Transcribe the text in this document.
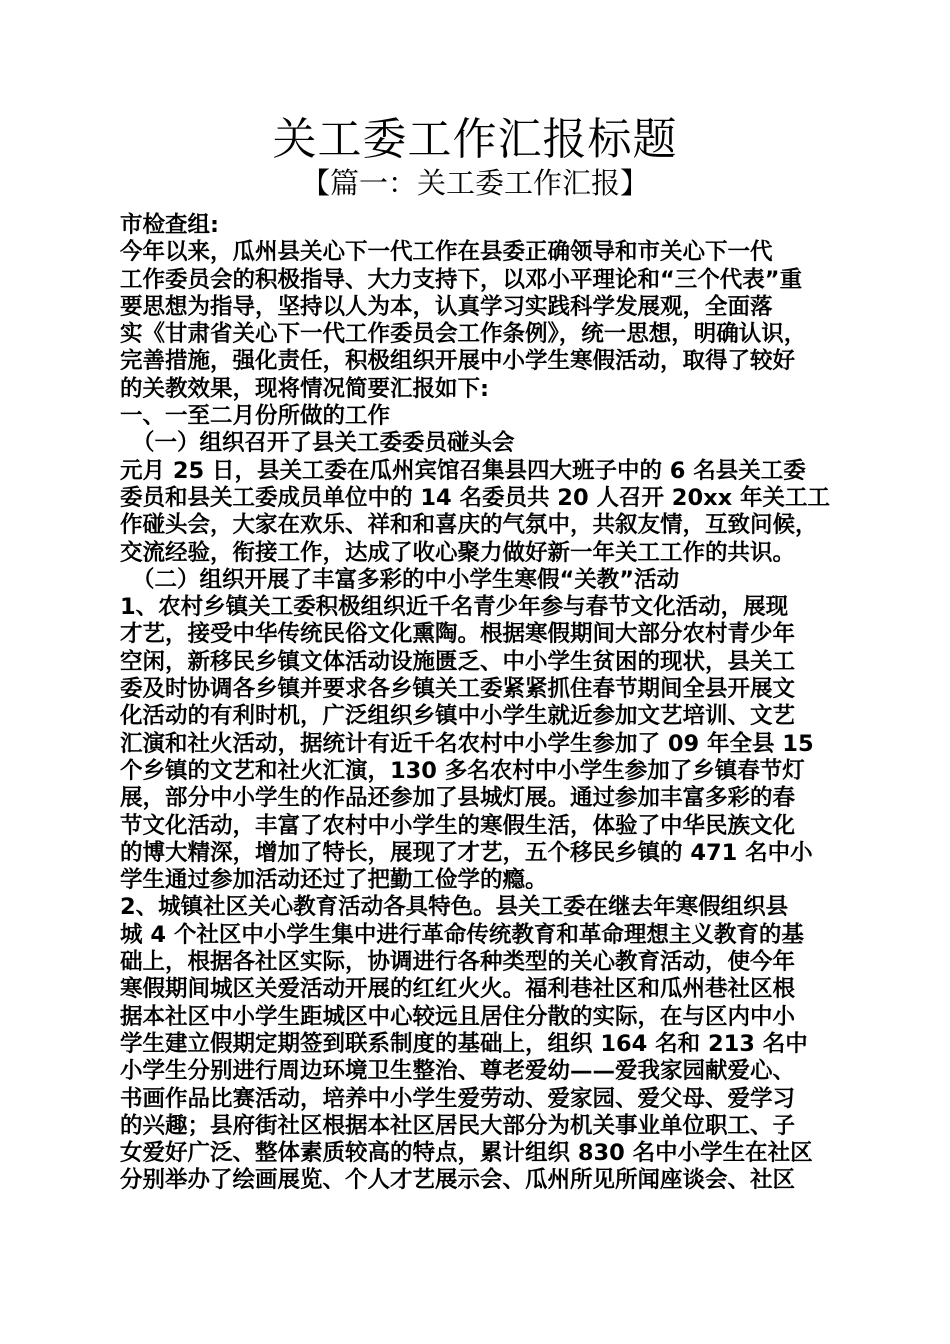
关工委工作汇报标题
【篇一：关工委工作汇报】
市检查组:
今年以来，瓜州县关心下一代工作在县委正确领导和市关心下一代
工作委员会的积极指导、大力支持下，以邓小平理论和“三个代表”重
要思想为指导，坚持以人为本，认真学习实践科学发展观，全面落
实《甘肃省关心下一代工作委员会工作条例》，统一思想，明确认识，
完善措施，强化责任，积极组织开展中小学生寒假活动，取得了较好
的关教效果，现将情况简要汇报如下:
一、一至二月份所做的工作
（一）组织召开了县关工委委员碰头会
元月 25 日，县关工委在瓜州宾馆召集县四大班子中的 6 名县关工委
委员和县关工委成员单位中的 14 名委员共 20 人召开 20xx 年关工工
作碰头会，大家在欢乐、祥和和喜庆的气氛中，共叙友情，互致问候，
交流经验，衔接工作，达成了收心聚力做好新一年关工工作的共识。
（二）组织开展了丰富多彩的中小学生寒假“关教”活动
1、农村乡镇关工委积极组织近千名青少年参与春节文化活动，展现
才艺，接受中华传统民俗文化熏陶。根据寒假期间大部分农村青少年
空闲，新移民乡镇文体活动设施匮乏、中小学生贫困的现状，县关工
委及时协调各乡镇并要求各乡镇关工委紧紧抓住春节期间全县开展文
化活动的有利时机，广泛组织乡镇中小学生就近参加文艺培训、文艺
汇演和社火活动，据统计有近千名农村中小学生参加了 09 年全县 15
个乡镇的文艺和社火汇演，130 多名农村中小学生参加了乡镇春节灯
展，部分中小学生的作品还参加了县城灯展。通过参加丰富多彩的春
节文化活动，丰富了农村中小学生的寒假生活，体验了中华民族文化
的博大精深，增加了特长，展现了才艺，五个移民乡镇的 471 名中小
学生通过参加活动还过了把勤工俭学的瘾。
2、城镇社区关心教育活动各具特色。县关工委在继去年寒假组织县
城 4 个社区中小学生集中进行革命传统教育和革命理想主义教育的基
础上，根据各社区实际，协调进行各种类型的关心教育活动，使今年
寒假期间城区关爱活动开展的红红火火。福利巷社区和瓜州巷社区根
据本社区中小学生距城区中心较远且居住分散的实际，在与区内中小
学生建立假期定期签到联系制度的基础上，组织 164 名和 213 名中
小学生分别进行周边环境卫生整治、尊老爱幼——爱我家园献爱心、
书画作品比赛活动，培养中小学生爱劳动、爱家园、爱父母、爱学习
的兴趣；县府街社区根据本社区居民大部分为机关事业单位职工、子
女爱好广泛、整体素质较高的特点，累计组织 830 名中小学生在社区
分别举办了绘画展览、个人才艺展示会、瓜州所见所闻座谈会、社区
